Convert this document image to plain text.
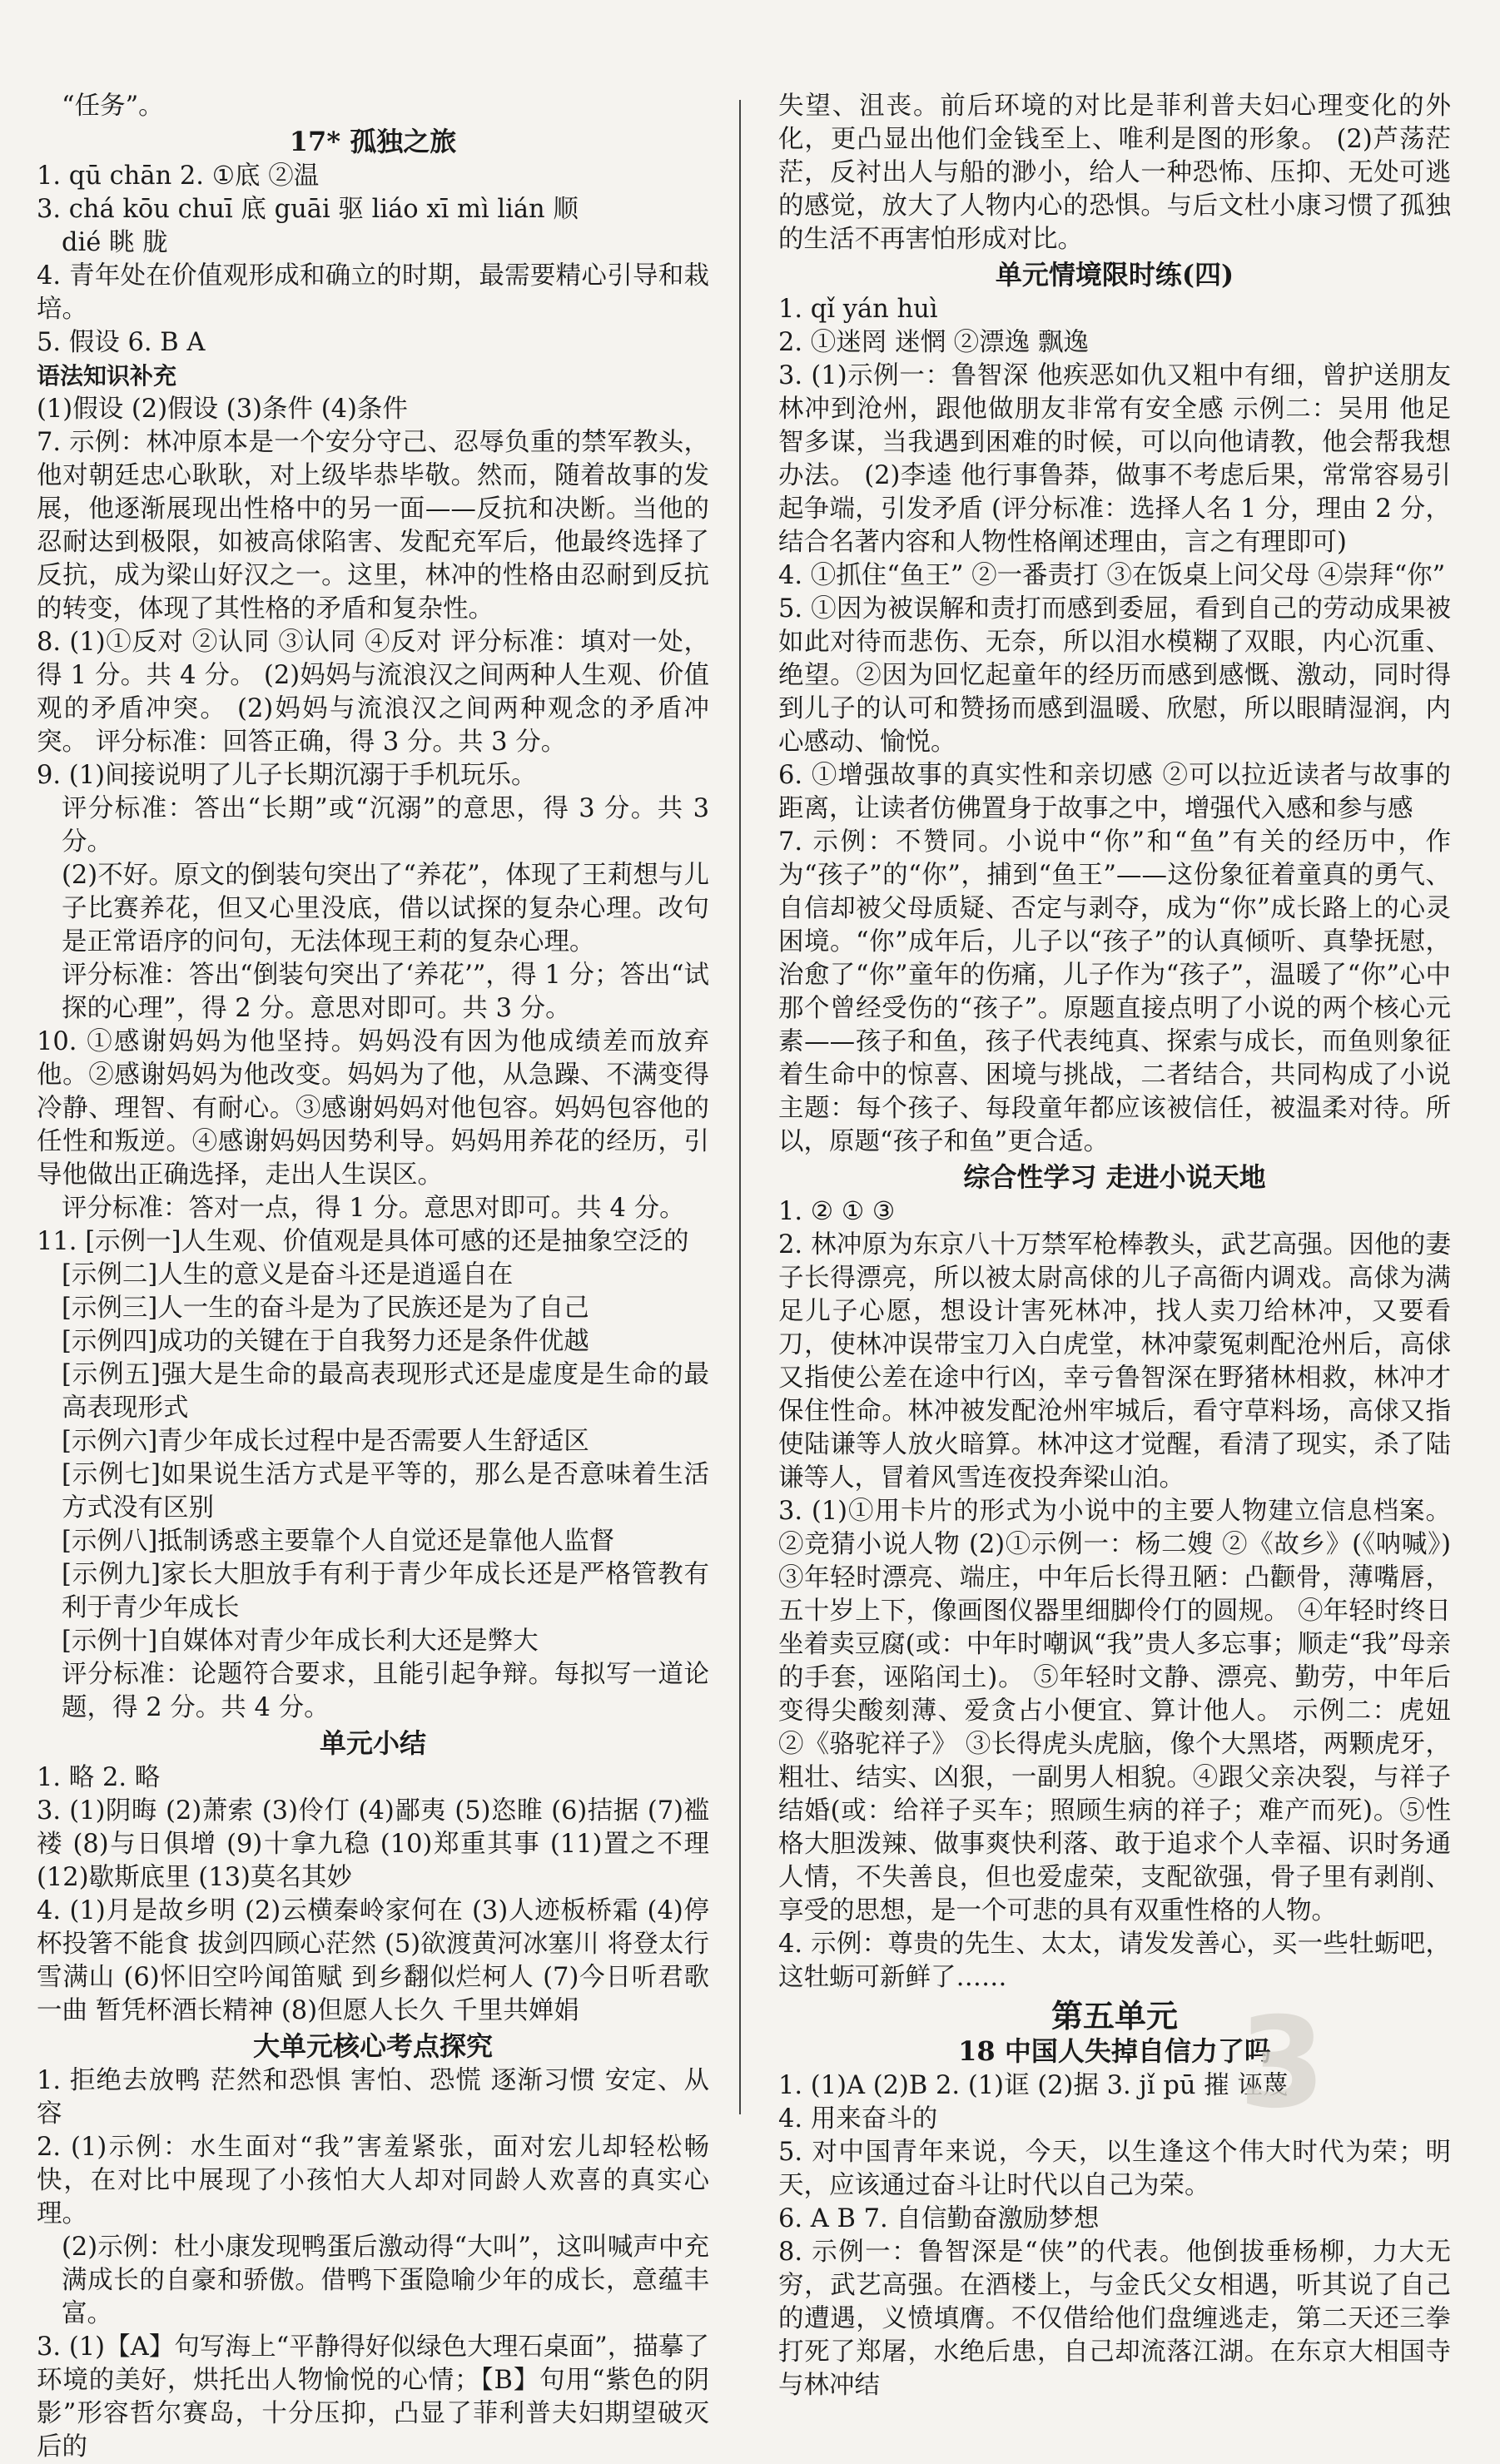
“任务”。

17* 孤独之旅

1. qū chān 2. ①底 ②温

3. chá kōu chuī 底 guāi 驱 liáo xī mì lián 顺

dié 眺 胧

4. 青年处在价值观形成和确立的时期，最需要精心引导和栽培。

5. 假设 6. B A

语法知识补充

(1)假设 (2)假设 (3)条件 (4)条件

7. 示例：林冲原本是一个安分守己、忍辱负重的禁军教头，他对朝廷忠心耿耿，对上级毕恭毕敬。然而，随着故事的发展，他逐渐展现出性格中的另一面——反抗和决断。当他的忍耐达到极限，如被高俅陷害、发配充军后，他最终选择了反抗，成为梁山好汉之一。这里，林冲的性格由忍耐到反抗的转变，体现了其性格的矛盾和复杂性。

8. (1)①反对 ②认同 ③认同 ④反对 评分标准：填对一处，得 1 分。共 4 分。 (2)妈妈与流浪汉之间两种人生观、价值观的矛盾冲突。 (2)妈妈与流浪汉之间两种观念的矛盾冲突。 评分标准：回答正确，得 3 分。共 3 分。

9. (1)间接说明了儿子长期沉溺于手机玩乐。

评分标准：答出“长期”或“沉溺”的意思，得 3 分。共 3 分。

(2)不好。原文的倒装句突出了“养花”，体现了王莉想与儿子比赛养花，但又心里没底，借以试探的复杂心理。改句是正常语序的问句，无法体现王莉的复杂心理。

评分标准：答出“倒装句突出了‘养花’”，得 1 分；答出“试探的心理”，得 2 分。意思对即可。共 3 分。

10. ①感谢妈妈为他坚持。妈妈没有因为他成绩差而放弃他。②感谢妈妈为他改变。妈妈为了他，从急躁、不满变得冷静、理智、有耐心。③感谢妈妈对他包容。妈妈包容他的任性和叛逆。④感谢妈妈因势利导。妈妈用养花的经历，引导他做出正确选择，走出人生误区。

评分标准：答对一点，得 1 分。意思对即可。共 4 分。

11. [示例一]人生观、价值观是具体可感的还是抽象空泛的

[示例二]人生的意义是奋斗还是逍遥自在

[示例三]人一生的奋斗是为了民族还是为了自己

[示例四]成功的关键在于自我努力还是条件优越

[示例五]强大是生命的最高表现形式还是虚度是生命的最高表现形式

[示例六]青少年成长过程中是否需要人生舒适区

[示例七]如果说生活方式是平等的，那么是否意味着生活方式没有区别

[示例八]抵制诱惑主要靠个人自觉还是靠他人监督

[示例九]家长大胆放手有利于青少年成长还是严格管教有利于青少年成长

[示例十]自媒体对青少年成长利大还是弊大

评分标准：论题符合要求，且能引起争辩。每拟写一道论题，得 2 分。共 4 分。

单元小结

1. 略 2. 略

3. (1)阴晦 (2)萧索 (3)伶仃 (4)鄙夷 (5)恣睢 (6)拮据 (7)褴褛 (8)与日俱增 (9)十拿九稳 (10)郑重其事 (11)置之不理 (12)歇斯底里 (13)莫名其妙

4. (1)月是故乡明 (2)云横秦岭家何在 (3)人迹板桥霜 (4)停杯投箸不能食 拔剑四顾心茫然 (5)欲渡黄河冰塞川 将登太行雪满山 (6)怀旧空吟闻笛赋 到乡翻似烂柯人 (7)今日听君歌一曲 暂凭杯酒长精神 (8)但愿人长久 千里共婵娟

大单元核心考点探究

1. 拒绝去放鸭 茫然和恐惧 害怕、恐慌 逐渐习惯 安定、从容

2. (1)示例：水生面对“我”害羞紧张，面对宏儿却轻松畅快，在对比中展现了小孩怕大人却对同龄人欢喜的真实心理。

(2)示例：杜小康发现鸭蛋后激动得“大叫”，这叫喊声中充满成长的自豪和骄傲。借鸭下蛋隐喻少年的成长，意蕴丰富。

3. (1)【A】句写海上“平静得好似绿色大理石桌面”，描摹了环境的美好，烘托出人物愉悦的心情；【B】句用“紫色的阴影”形容哲尔赛岛，十分压抑，凸显了菲利普夫妇期望破灭后的

失望、沮丧。前后环境的对比是菲利普夫妇心理变化的外化，更凸显出他们金钱至上、唯利是图的形象。 (2)芦荡茫茫，反衬出人与船的渺小，给人一种恐怖、压抑、无处可逃的感觉，放大了人物内心的恐惧。与后文杜小康习惯了孤独的生活不再害怕形成对比。

单元情境限时练(四)

1. qǐ yán huì

2. ①迷罔 迷惘 ②漂逸 飘逸

3. (1)示例一：鲁智深 他疾恶如仇又粗中有细，曾护送朋友林冲到沧州，跟他做朋友非常有安全感 示例二：吴用 他足智多谋，当我遇到困难的时候，可以向他请教，他会帮我想办法。 (2)李逵 他行事鲁莽，做事不考虑后果，常常容易引起争端，引发矛盾 (评分标准：选择人名 1 分，理由 2 分，结合名著内容和人物性格阐述理由，言之有理即可)

4. ①抓住“鱼王” ②一番责打 ③在饭桌上问父母 ④崇拜“你”

5. ①因为被误解和责打而感到委屈，看到自己的劳动成果被如此对待而悲伤、无奈，所以泪水模糊了双眼，内心沉重、绝望。②因为回忆起童年的经历而感到感慨、激动，同时得到儿子的认可和赞扬而感到温暖、欣慰，所以眼睛湿润，内心感动、愉悦。

6. ①增强故事的真实性和亲切感 ②可以拉近读者与故事的距离，让读者仿佛置身于故事之中，增强代入感和参与感

7. 示例：不赞同。小说中“你”和“鱼”有关的经历中，作为“孩子”的“你”，捕到“鱼王”——这份象征着童真的勇气、自信却被父母质疑、否定与剥夺，成为“你”成长路上的心灵困境。“你”成年后，儿子以“孩子”的认真倾听、真挚抚慰，治愈了“你”童年的伤痛，儿子作为“孩子”，温暖了“你”心中那个曾经受伤的“孩子”。原题直接点明了小说的两个核心元素——孩子和鱼，孩子代表纯真、探索与成长，而鱼则象征着生命中的惊喜、困境与挑战，二者结合，共同构成了小说主题：每个孩子、每段童年都应该被信任，被温柔对待。所以，原题“孩子和鱼”更合适。

综合性学习 走进小说天地

1. ② ① ③

2. 林冲原为东京八十万禁军枪棒教头，武艺高强。因他的妻子长得漂亮，所以被太尉高俅的儿子高衙内调戏。高俅为满足儿子心愿，想设计害死林冲，找人卖刀给林冲，又要看刀，使林冲误带宝刀入白虎堂，林冲蒙冤刺配沧州后，高俅又指使公差在途中行凶，幸亏鲁智深在野猪林相救，林冲才保住性命。林冲被发配沧州牢城后，看守草料场，高俅又指使陆谦等人放火暗算。林冲这才觉醒，看清了现实，杀了陆谦等人，冒着风雪连夜投奔梁山泊。

3. (1)①用卡片的形式为小说中的主要人物建立信息档案。②竞猜小说人物 (2)①示例一：杨二嫂 ②《故乡》(《呐喊》) ③年轻时漂亮、端庄，中年后长得丑陋：凸颧骨，薄嘴唇，五十岁上下，像画图仪器里细脚伶仃的圆规。 ④年轻时终日坐着卖豆腐(或：中年时嘲讽“我”贵人多忘事；顺走“我”母亲的手套，诬陷闰土)。 ⑤年轻时文静、漂亮、勤劳，中年后变得尖酸刻薄、爱贪占小便宜、算计他人。 示例二：虎妞 ②《骆驼祥子》 ③长得虎头虎脑，像个大黑塔，两颗虎牙，粗壮、结实、凶狠，一副男人相貌。④跟父亲决裂，与祥子结婚(或：给祥子买车；照顾生病的祥子；难产而死)。⑤性格大胆泼辣、做事爽快利落、敢于追求个人幸福、识时务通人情，不失善良，但也爱虚荣，支配欲强，骨子里有剥削、享受的思想，是一个可悲的具有双重性格的人物。

4. 示例：尊贵的先生、太太，请发发善心，买一些牡蛎吧，这牡蛎可新鲜了……

第五单元

18 中国人失掉自信力了吗

1. (1)A (2)B 2. (1)诓 (2)据 3. jǐ pū 摧 诬蔑

4. 用来奋斗的

5. 对中国青年来说，今天，以生逢这个伟大时代为荣；明天，应该通过奋斗让时代以自己为荣。

6. A B 7. 自信勤奋激励梦想

8. 示例一：鲁智深是“侠”的代表。他倒拔垂杨柳，力大无穷，武艺高强。在酒楼上，与金氏父女相遇，听其说了自己的遭遇，义愤填膺。不仅借给他们盘缠逃走，第二天还三拳打死了郑屠，水绝后患，自己却流落江湖。在东京大相国寺与林冲结

3
